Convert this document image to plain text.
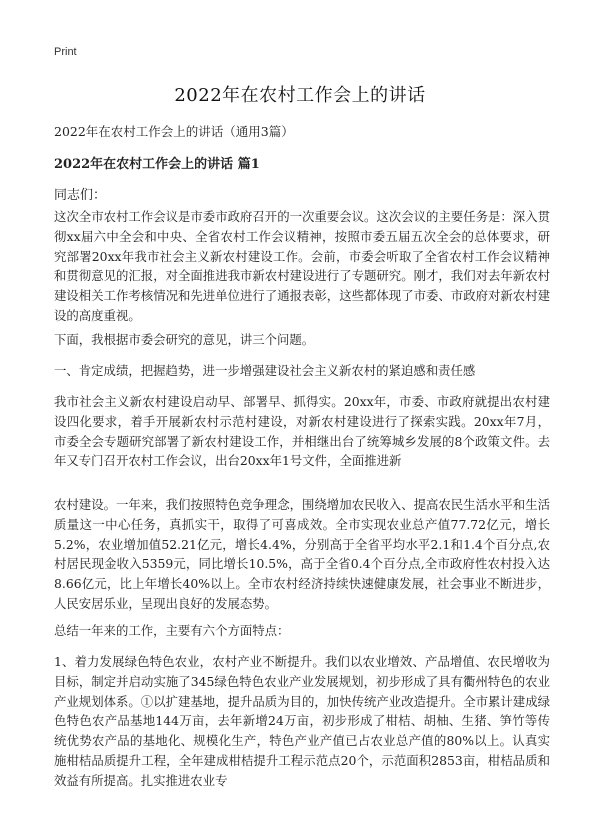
Print
2022年在农村工作会上的讲话
2022年在农村工作会上的讲话（通用3篇）
2022年在农村工作会上的讲话 篇1
同志们：
这次全市农村工作会议是市委市政府召开的一次重要会议。这次会议的主要任务是：深入贯彻xx届六中全会和中央、全省农村工作会议精神，按照市委五届五次全会的总体要求，研究部署20xx年我市社会主义新农村建设工作。会前，市委会听取了全省农村工作会议精神和贯彻意见的汇报，对全面推进我市新农村建设进行了专题研究。刚才，我们对去年新农村建设相关工作考核情况和先进单位进行了通报表彰，这些都体现了市委、市政府对新农村建设的高度重视。
下面，我根据市委会研究的意见，讲三个问题。
一、肯定成绩，把握趋势，进一步增强建设社会主义新农村的紧迫感和责任感
我市社会主义新农村建设启动早、部署早、抓得实。20xx年，市委、市政府就提出农村建设四化要求，着手开展新农村示范村建设，对新农村建设进行了探索实践。20xx年7月，市委全会专题研究部署了新农村建设工作，并相继出台了统筹城乡发展的8个政策文件。去年又专门召开农村工作会议，出台20xx年1号文件，全面推进新
农村建设。一年来，我们按照特色竞争理念，围绕增加农民收入、提高农民生活水平和生活质量这一中心任务，真抓实干，取得了可喜成效。全市实现农业总产值77.72亿元，增长5.2%，农业增加值52.21亿元，增长4.4%，分别高于全省平均水平2.1和1.4个百分点,农村居民现金收入5359元，同比增长10.5%，高于全省0.4个百分点,全市政府性农村投入达8.66亿元，比上年增长40%以上。全市农村经济持续快速健康发展，社会事业不断进步，人民安居乐业，呈现出良好的发展态势。
总结一年来的工作，主要有六个方面特点：
1、着力发展绿色特色农业，农村产业不断提升。我们以农业增效、产品增值、农民增收为目标，制定并启动实施了345绿色特色农业产业发展规划，初步形成了具有衢州特色的农业产业规划体系。①以扩建基地，提升品质为目的，加快传统产业改造提升。全市累计建成绿色特色农产品基地144万亩，去年新增24万亩，初步形成了柑桔、胡柚、生猪、笋竹等传统优势农产品的基地化、规模化生产，特色产业产值已占农业总产值的80%以上。认真实施柑桔品质提升工程，全年建成柑桔提升工程示范点20个，示范面积2853亩，柑桔品质和效益有所提高。扎实推进农业专
